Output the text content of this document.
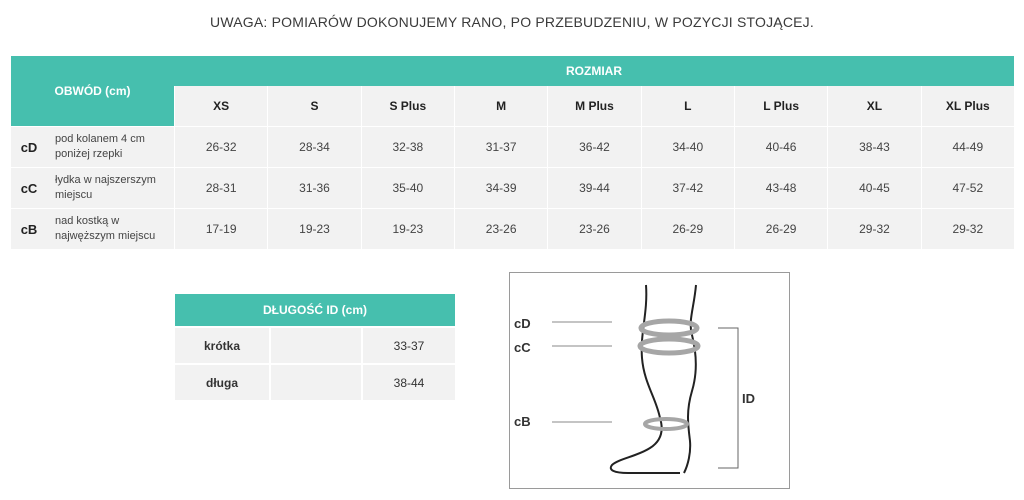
UWAGA: POMIARÓW DOKONUJEMY RANO, PO PRZEBUDZENIU, W POZYCJI STOJĄCEJ.
OBWÓD (cm)		ROZMIAR								
		XS	S	S Plus	M	M Plus	L	L Plus	XL	XL Plus
cD	pod kolanem 4 cm poniżej rzepki	26-32	28-34	32-38	31-37	36-42	34-40	40-46	38-43	44-49
cC	łydka w najszerszym miejscu	28-31	31-36	35-40	34-39	39-44	37-42	43-48	40-45	47-52
cB	nad kostką w najwęższym miejscu	17-19	19-23	19-23	23-26	23-26	26-29	26-29	29-32	29-32
DŁUGOŚĆ ID (cm)		
krótka		33-37
długa		38-44
cD
cC
cB
ID
